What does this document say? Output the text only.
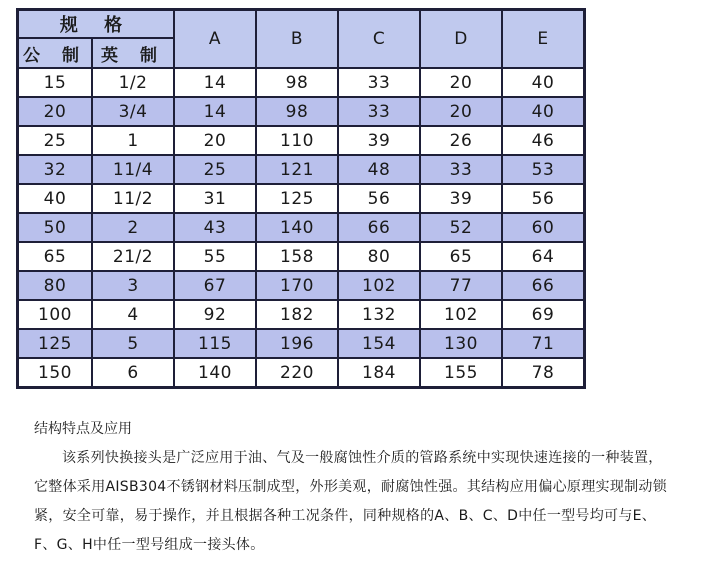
规 格		A	B	C	D	E
公 制	英 制					
15	1/2	14	98	33	20	40
20	3/4	14	98	33	20	40
25	1	20	110	39	26	46
32	11/4	25	121	48	33	53
40	11/2	31	125	56	39	56
50	2	43	140	66	52	60
65	21/2	55	158	80	65	64
80	3	67	170	102	77	66
100	4	92	182	132	102	69
125	5	115	196	154	130	71
150	6	140	220	184	155	78

结构特点及应用

该系列快换接头是广泛应用于油、气及一般腐蚀性介质的管路系统中实现快速连接的一种装置，它整体采用AISB304不锈钢材料压制成型，外形美观，耐腐蚀性强。其结构应用偏心原理实现制动锁紧，安全可靠，易于操作，并且根据各种工况条件，同种规格的A、B、C、D中任一型号均可与E、F、G、H中任一型号组成一接头体。
